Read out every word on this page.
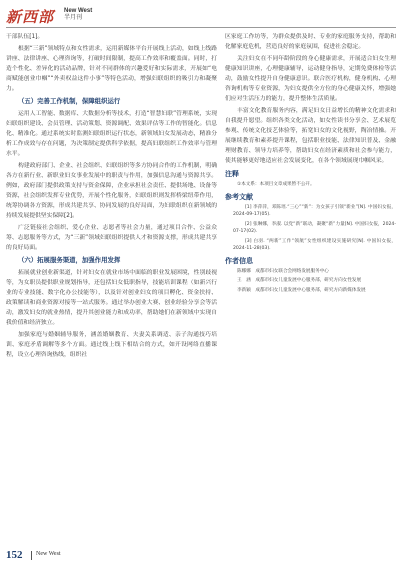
新西部 New West
半月刊

干部队伍[1]。

根据“三新”领域特点和女性需求，运用新媒体平台开展线上活动，如线上线路讲座、法律讲座、心理咨询等，打破时间限制，提高工作效率和覆盖面。同时，打造个性化、差异化的活动品牌，针对不同群体的兴趣爱好和实际需求，开展如“电商赋能创业巾帼”“外卖权益这件小事”等特色活动，增强妇联组织的吸引力和凝聚力。

（五）完善工作机制，保障组织运行

运用人工智能、数据库、大数据分析等技术，打造“智慧妇联”管理系统，实现妇联组织建设、会员管理、活动策划、资源调配、效果评估等工作的智能化。信息化、精准化。通过系统实时监测妇联组织运行状态，新领域妇女发展动态，精准分析工作成效与存在问题，为决策制定提供科学依据，提高妇联组织工作效率与管理水平。

构建政府部门、企业、社会组织、妇联组织等多方协同合作的工作机制，明确各方在新行业、新职业妇女事业发展中的职责与作用，加强信息沟通与资源共享。例如，政府部门提供政策支持与资金保障，企业承担社会责任、提供场地、设备等资源，社会组织发挥专业优势，开展个性化服务，妇联组织则发挥桥梁纽带作用，统筹协调各方资源，形成共建共享、协同发展的良好局面，为妇联组织在新领域的持续发展提供坚实保障[2]。

广泛链接社会组织、爱心企业、志愿者等社会力量，通过项目合作、公益众筹、志愿服务等方式，为“三新”领域妇联组织提供人才和资源支撑，形成共建共享的良好局面。

（六）拓展服务渠道，加强作用发挥

拓展就业创业新渠道，针对妇女在就业市场中面临的职业发展困境，性别歧视等，为女职员提供职业规划指导，还包括妇女低职指导，技能培训课程（如新兴行业的专业技能、数字化办公技能等），以及针对创业妇女的项目孵化、资金扶持、政策解读和商业资源对接等一站式服务。通过举办创业大赛、创业经验分享会等活动，激发妇女的就业热情，提升其创业能力和成功率，帮助她们在新领域中实现自我价值和经济独立。

加强家庭与婚姻辅导服务，涵盖婚姻教育、夫妻关系调适、亲子沟通技巧培训、家庭矛盾调解等多个方面。通过线上线下相结合的方式，如开设网络直播课程，设立心理咨询热线，组织社

区家庭工作坊等，为群众提供及时、专业的家庭服务支持，帮助和化解家庭危机，营造良好的家庭氛围，促进社会稳定。

关注妇女在不同年龄阶段的身心健康需求，开展适合妇女生理健康知识讲座，心理健康辅导，运动健身指导，定期免费体检等活动，鼓励女性提升自身健康意识。联合医疗机构，健身机构、心理咨询机构等专业资源，为妇女提供全方位的身心健康关怀，增强她们应对生活压力的能力，提升整体生活质量。

丰富文化教育服务内容，满足妇女日益增长的精神文化需求和自我提升愿望。组织各类文化活动，如女性读书分享会、艺术展览参观、传统文化技艺体验等，拓宽妇女的文化视野，陶冶情操。开展继续教育和素养提升课程，包括职业技能、法律知识普及、金融理财教育、领导力培养等，帮助妇女在经济素质和社会参与能力，使其能够更好地适应社会发展变化，在各个领域展现巾帼风采。

注释

①本文系：本项目文章成果暂不公开。

参考文献

[1] 李萍萍，邓陈瑶.“三心”“新”：为女孩子引领“新业”[N]. 中国妇女报，2024-09-17(05).

[2] 张琳娜，李淑. 以党“新”联动，凝聚“新”力量[N]. 中国妇女报，2024-07-17(02).

[3] 白羽. “两新”工作“领航”女性组织建设实施研究[N]. 中国妇女报，2024-11-28(03).

作者信息

陈娜娜　成都市妇女联合会网络发展服务中心

王　涵　成都市妇女儿童发展中心服务部，研究方向女性发展

李新颖　成都市妇女儿童发展中心服务部，研究方向新媒体发展

152 New West
